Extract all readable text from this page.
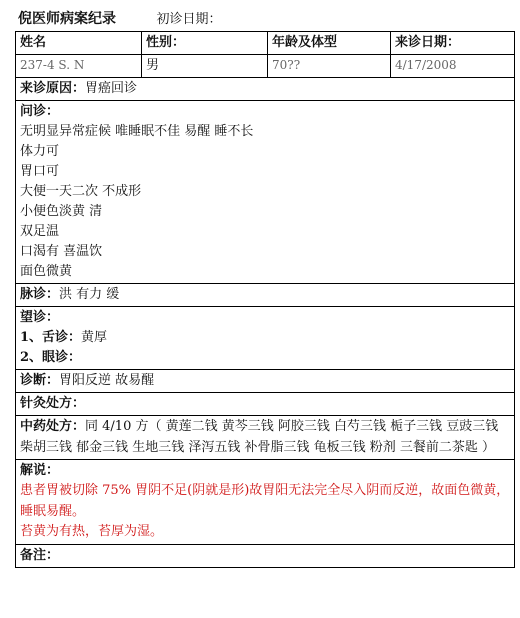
倪医师病案纪录	初诊日期：
姓名	性别：	年龄及体型	来诊日期：
237-4 S. N	男	70??	4/17/2008
来诊原因：胃癌回诊
问诊：
无明显异常症候 唯睡眠不佳 易醒 睡不长
体力可
胃口可
大便一天二次 不成形
小便色淡黄 清
双足温
口渴有 喜温饮
面色微黄
脉诊：洪 有力 缓
望诊：
1、舌诊：黄厚
2、眼诊：
诊断：胃阳反逆 故易醒
针灸处方：
中药处方：同 4/10 方（ 黄莲二钱 黄芩三钱 阿胶三钱 白芍三钱 栀子三钱 豆豉三钱 柴胡三钱 郁金三钱 生地三钱 泽泻五钱 补骨脂三钱 龟板三钱 粉剂 三餐前二茶匙 ）
解说：
患者胃被切除 75% 胃阴不足(阴就是形)故胃阳无法完全尽入阴而反逆，故面色微黄，睡眠易醒。
苔黄为有热，苔厚为湿。
备注：
